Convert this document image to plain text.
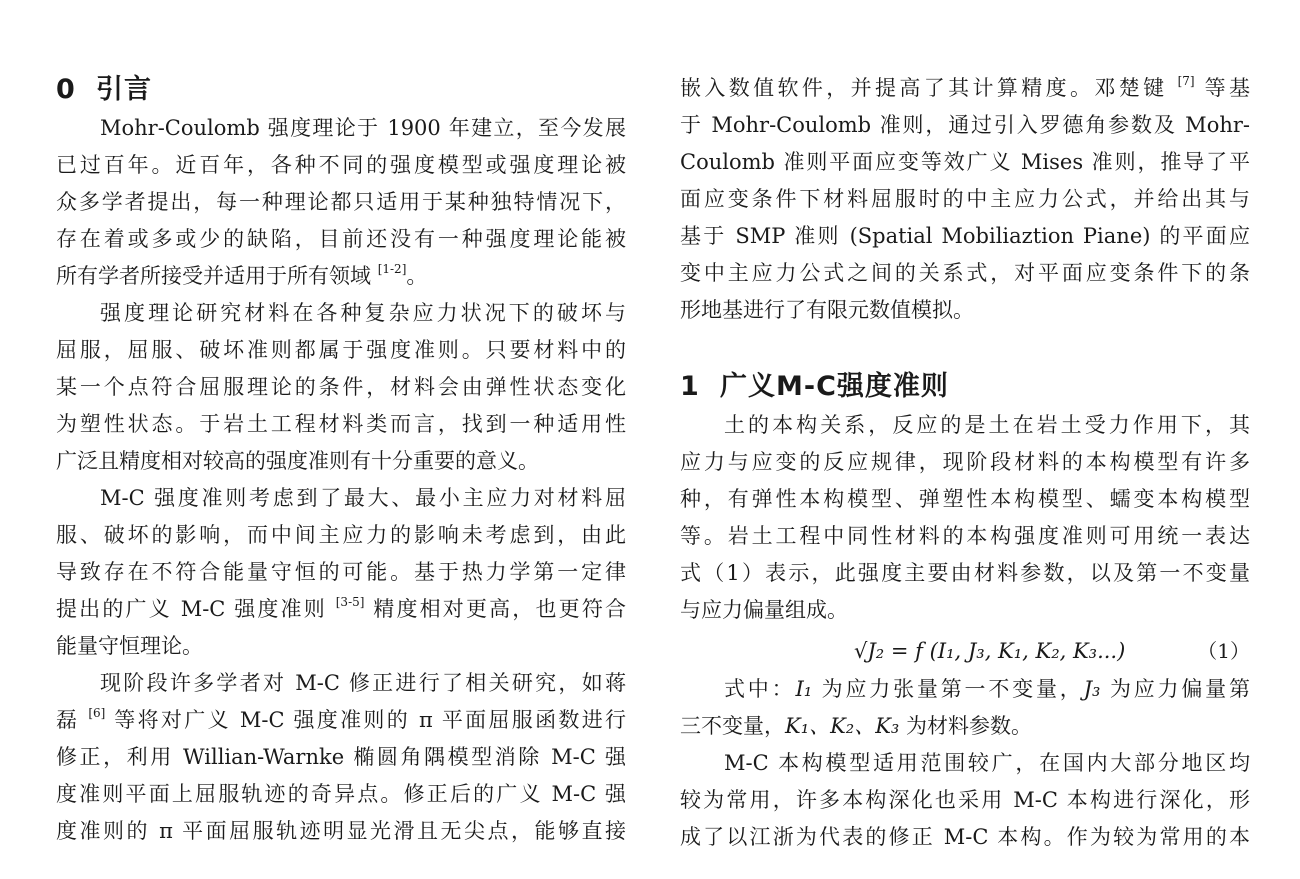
0 引言
Mohr-Coulomb 强度理论于 1900 年建立，至今发展
已过百年。近百年，各种不同的强度模型或强度理论被
众多学者提出，每一种理论都只适用于某种独特情况下，
存在着或多或少的缺陷，目前还没有一种强度理论能被
所有学者所接受并适用于所有领域 [1-2]。
强度理论研究材料在各种复杂应力状况下的破坏与
屈服，屈服、破坏准则都属于强度准则。只要材料中的
某一个点符合屈服理论的条件，材料会由弹性状态变化
为塑性状态。于岩土工程材料类而言，找到一种适用性
广泛且精度相对较高的强度准则有十分重要的意义。
M-C 强度准则考虑到了最大、最小主应力对材料屈
服、破坏的影响，而中间主应力的影响未考虑到，由此
导致存在不符合能量守恒的可能。基于热力学第一定律
提出的广义 M-C 强度准则 [3-5] 精度相对更高，也更符合
能量守恒理论。
现阶段许多学者对 M-C 修正进行了相关研究，如蒋
磊 [6] 等将对广义 M-C 强度准则的 π 平面屈服函数进行
修正，利用 Willian-Warnke 椭圆角隅模型消除 M-C 强
度准则平面上屈服轨迹的奇异点。修正后的广义 M-C 强
度准则的 π 平面屈服轨迹明显光滑且无尖点，能够直接
嵌入数值软件，并提高了其计算精度。邓楚键 [7] 等基
于 Mohr-Coulomb 准则，通过引入罗德角参数及 Mohr-
Coulomb 准则平面应变等效广义 Mises 准则，推导了平
面应变条件下材料屈服时的中主应力公式，并给出其与
基于 SMP 准则 (Spatial Mobiliaztion Piane) 的平面应
变中主应力公式之间的关系式，对平面应变条件下的条
形地基进行了有限元数值模拟。
1 广义M-C强度准则
土的本构关系，反应的是土在岩土受力作用下，其
应力与应变的反应规律，现阶段材料的本构模型有许多
种，有弹性本构模型、弹塑性本构模型、蠕变本构模型
等。岩土工程中同性材料的本构强度准则可用统一表达
式（1）表示，此强度主要由材料参数，以及第一不变量
与应力偏量组成。
√J₂ = f (I₁, J₃, K₁, K₂, K₃...)	（1）
式中：I₁ 为应力张量第一不变量，J₃ 为应力偏量第
三不变量，K₁、K₂、K₃ 为材料参数。
M-C 本构模型适用范围较广，在国内大部分地区均
较为常用，许多本构深化也采用 M-C 本构进行深化，形
成了以江浙为代表的修正 M-C 本构。作为较为常用的本
